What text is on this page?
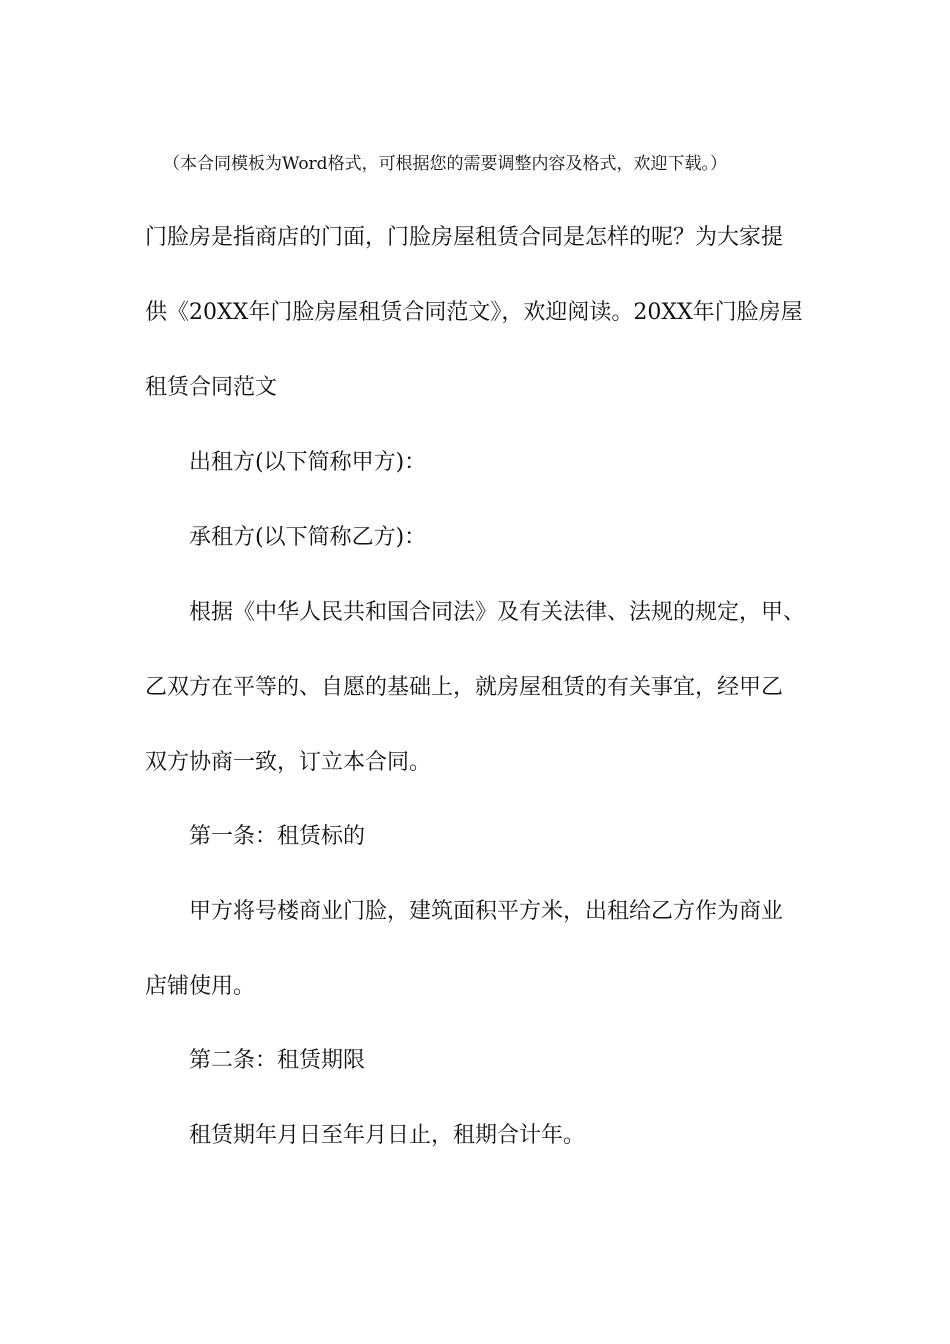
（本合同模板为Word格式，可根据您的需要调整内容及格式，欢迎下载。）
门脸房是指商店的门面，门脸房屋租赁合同是怎样的呢？为大家提
供《20XX年门脸房屋租赁合同范文》，欢迎阅读。20XX年门脸房屋
租赁合同范文
出租方(以下简称甲方)：
承租方(以下简称乙方)：
根据《中华人民共和国合同法》及有关法律、法规的规定，甲、
乙双方在平等的、自愿的基础上，就房屋租赁的有关事宜，经甲乙
双方协商一致，订立本合同。
第一条：租赁标的
甲方将号楼商业门脸，建筑面积平方米，出租给乙方作为商业
店铺使用。
第二条：租赁期限
租赁期年月日至年月日止，租期合计年。
